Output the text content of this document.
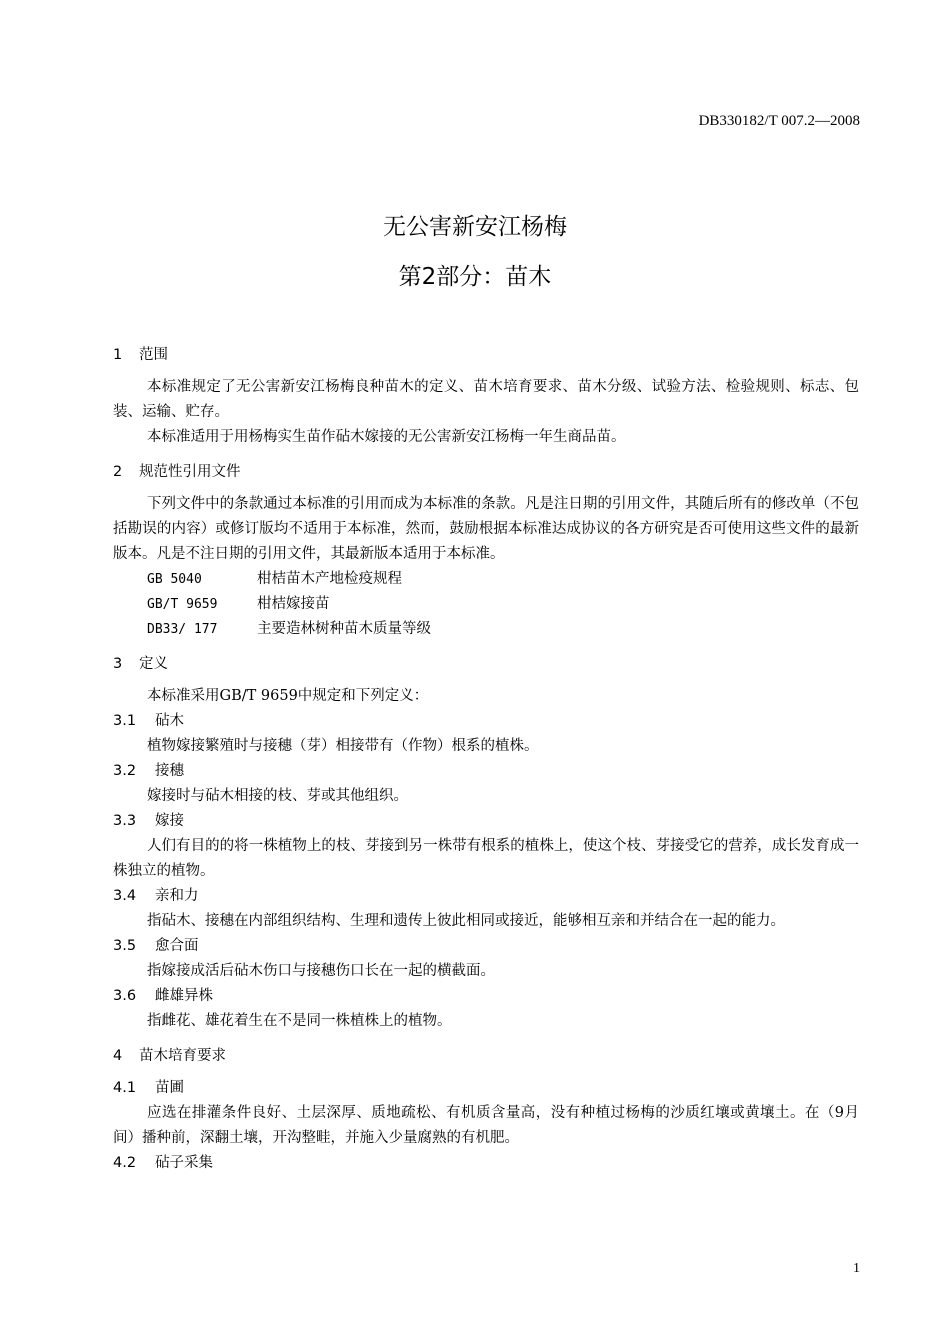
DB330182/T 007.2—2008
无公害新安江杨梅
第2部分：苗木
1 范围
本标准规定了无公害新安江杨梅良种苗木的定义、苗木培育要求、苗木分级、试验方法、检验规则、标志、包装、运输、贮存。
本标准适用于用杨梅实生苗作砧木嫁接的无公害新安江杨梅一年生商品苗。
2 规范性引用文件
下列文件中的条款通过本标准的引用而成为本标准的条款。凡是注日期的引用文件，其随后所有的修改单（不包括勘误的内容）或修订版均不适用于本标准，然而，鼓励根据本标准达成协议的各方研究是否可使用这些文件的最新版本。凡是不注日期的引用文件，其最新版本适用于本标准。
GB 5040	柑桔苗木产地检疫规程
GB/T 9659	柑桔嫁接苗
DB33/ 177	主要造林树种苗木质量等级
3 定义
本标准采用GB/T 9659中规定和下列定义：
3.1 砧木
植物嫁接繁殖时与接穗（芽）相接带有（作物）根系的植株。
3.2 接穗
嫁接时与砧木相接的枝、芽或其他组织。
3.3 嫁接
人们有目的的将一株植物上的枝、芽接到另一株带有根系的植株上，使这个枝、芽接受它的营养，成长发育成一株独立的植物。
3.4 亲和力
指砧木、接穗在内部组织结构、生理和遗传上彼此相同或接近，能够相互亲和并结合在一起的能力。
3.5 愈合面
指嫁接成活后砧木伤口与接穗伤口长在一起的横截面。
3.6 雌雄异株
指雌花、雄花着生在不是同一株植株上的植物。
4 苗木培育要求
4.1 苗圃
应选在排灌条件良好、土层深厚、质地疏松、有机质含量高，没有种植过杨梅的沙质红壤或黄壤土。在（9月间）播种前，深翻土壤，开沟整畦，并施入少量腐熟的有机肥。
4.2 砧子采集
1
